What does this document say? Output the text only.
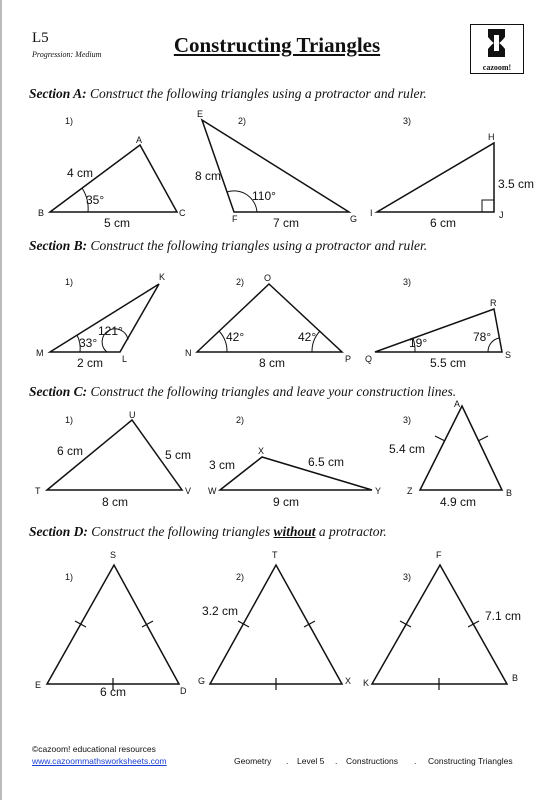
L5
Progression: Medium	Constructing Triangles
cazoom!
Section A: Construct the following triangles using a protractor and ruler.
Section B: Construct the following triangles using a protractor and ruler.
Section C: Construct the following triangles and leave your construction lines.
Section D: Construct the following triangles without a protractor.
1)
A
B	C
4 cm
35°
5 cm
2)
E
F	G
8 cm
110°
7 cm
3)
H
I	J
3.5 cm
6 cm
1)	K
M
L
33°
121°
2 cm
2) O
N
P
42°	42°
8 cm
3)
R
Q	S
19°	78°
5.5 cm
1)	U
T	V
6 cm	5 cm
8 cm
2)
X
W	Y
3 cm	6.5 cm
9 cm
3)
A
Z	B
5.4 cm
4.9 cm
1)
S
E
D
6 cm
2)
T
G	X
3.2 cm
3)
F
K	B
7.1 cm
©cazoom! educational resources
www.cazoommathsworksheets.com	Geometry . Level 5 . Constructions . Constructing Triangles
